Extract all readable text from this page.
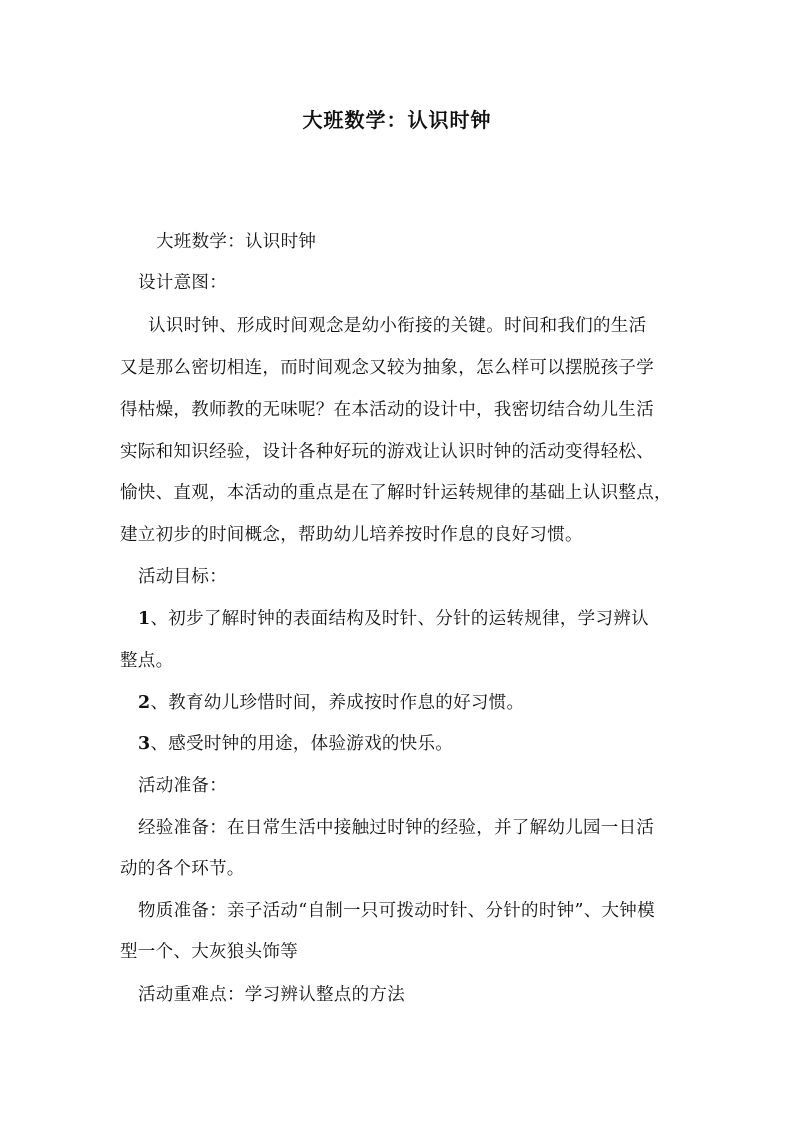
大班数学：认识时钟
大班数学：认识时钟
设计意图：
认识时钟、形成时间观念是幼小衔接的关键。时间和我们的生活
又是那么密切相连，而时间观念又较为抽象，怎么样可以摆脱孩子学
得枯燥，教师教的无味呢？在本活动的设计中，我密切结合幼儿生活
实际和知识经验，设计各种好玩的游戏让认识时钟的活动变得轻松、
愉快、直观，本活动的重点是在了解时针运转规律的基础上认识整点，
建立初步的时间概念，帮助幼儿培养按时作息的良好习惯。
活动目标：
1、初步了解时钟的表面结构及时针、分针的运转规律，学习辨认
整点。
2、教育幼儿珍惜时间，养成按时作息的好习惯。
3、感受时钟的用途，体验游戏的快乐。
活动准备：
经验准备：在日常生活中接触过时钟的经验，并了解幼儿园一日活
动的各个环节。
物质准备：亲子活动“自制一只可拨动时针、分针的时钟”、大钟模
型一个、大灰狼头饰等
活动重难点：学习辨认整点的方法
